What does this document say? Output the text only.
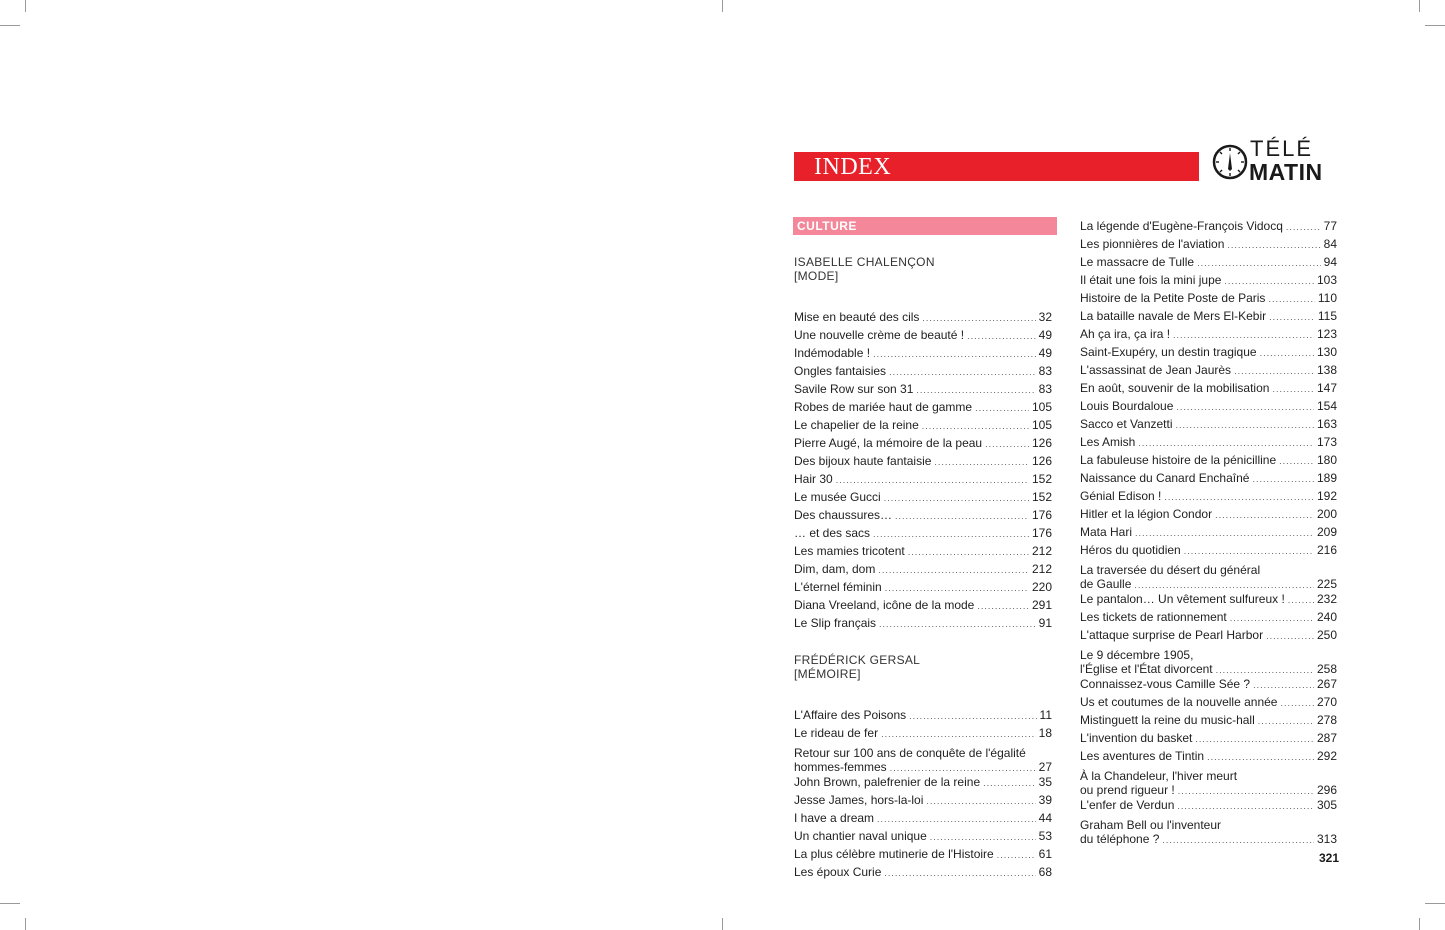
INDEX
TÉLÉ
MATIN
CULTURE
ISABELLE CHALENÇON
[MODE]
Mise en beauté des cils .....	32
Une nouvelle crème de beauté ! .....	49
Indémodable ! .....	49
Ongles fantaisies .....	83
Savile Row sur son 31 .....	83
Robes de mariée haut de gamme .....	105
Le chapelier de la reine .....	105
Pierre Augé, la mémoire de la peau .....	126
Des bijoux haute fantaisie .....	126
Hair 30 .....	152
Le musée Gucci .....	152
Des chaussures… .....	176
… et des sacs .....	176
Les mamies tricotent .....	212
Dim, dam, dom .....	212
L'éternel féminin .....	220
Diana Vreeland, icône de la mode .....	291
Le Slip français .....	91
FRÉDÉRICK GERSAL
[MÉMOIRE]
L'Affaire des Poisons .....	11
Le rideau de fer .....	18
Retour sur 100 ans de conquête de l'égalité
hommes-femmes .....	27
John Brown, palefrenier de la reine .....	35
Jesse James, hors-la-loi .....	39
I have a dream .....	44
Un chantier naval unique .....	53
La plus célèbre mutinerie de l'Histoire .....	61
Les époux Curie .....	68
La légende d'Eugène-François Vidocq .....	77
Les pionnières de l'aviation .....	84
Le massacre de Tulle .....	94
Il était une fois la mini jupe .....	103
Histoire de la Petite Poste de Paris .....	110
La bataille navale de Mers El-Kebir .....	115
Ah ça ira, ça ira ! .....	123
Saint-Exupéry, un destin tragique .....	130
L'assassinat de Jean Jaurès .....	138
En août, souvenir de la mobilisation .....	147
Louis Bourdaloue .....	154
Sacco et Vanzetti .....	163
Les Amish .....	173
La fabuleuse histoire de la pénicilline .....	180
Naissance du Canard Enchaîné .....	189
Génial Edison ! .....	192
Hitler et la légion Condor .....	200
Mata Hari .....	209
Héros du quotidien .....	216
La traversée du désert du général
de Gaulle .....	225
Le pantalon… Un vêtement sulfureux ! .....	232
Les tickets de rationnement .....	240
L'attaque surprise de Pearl Harbor .....	250
Le 9 décembre 1905,
l'Église et l'État divorcent .....	258
Connaissez-vous Camille Sée ? .....	267
Us et coutumes de la nouvelle année .....	270
Mistinguett la reine du music-hall .....	278
L'invention du basket .....	287
Les aventures de Tintin .....	292
À la Chandeleur, l'hiver meurt
ou prend rigueur ! .....	296
L'enfer de Verdun .....	305
Graham Bell ou l'inventeur
du téléphone ? .....	313
321
